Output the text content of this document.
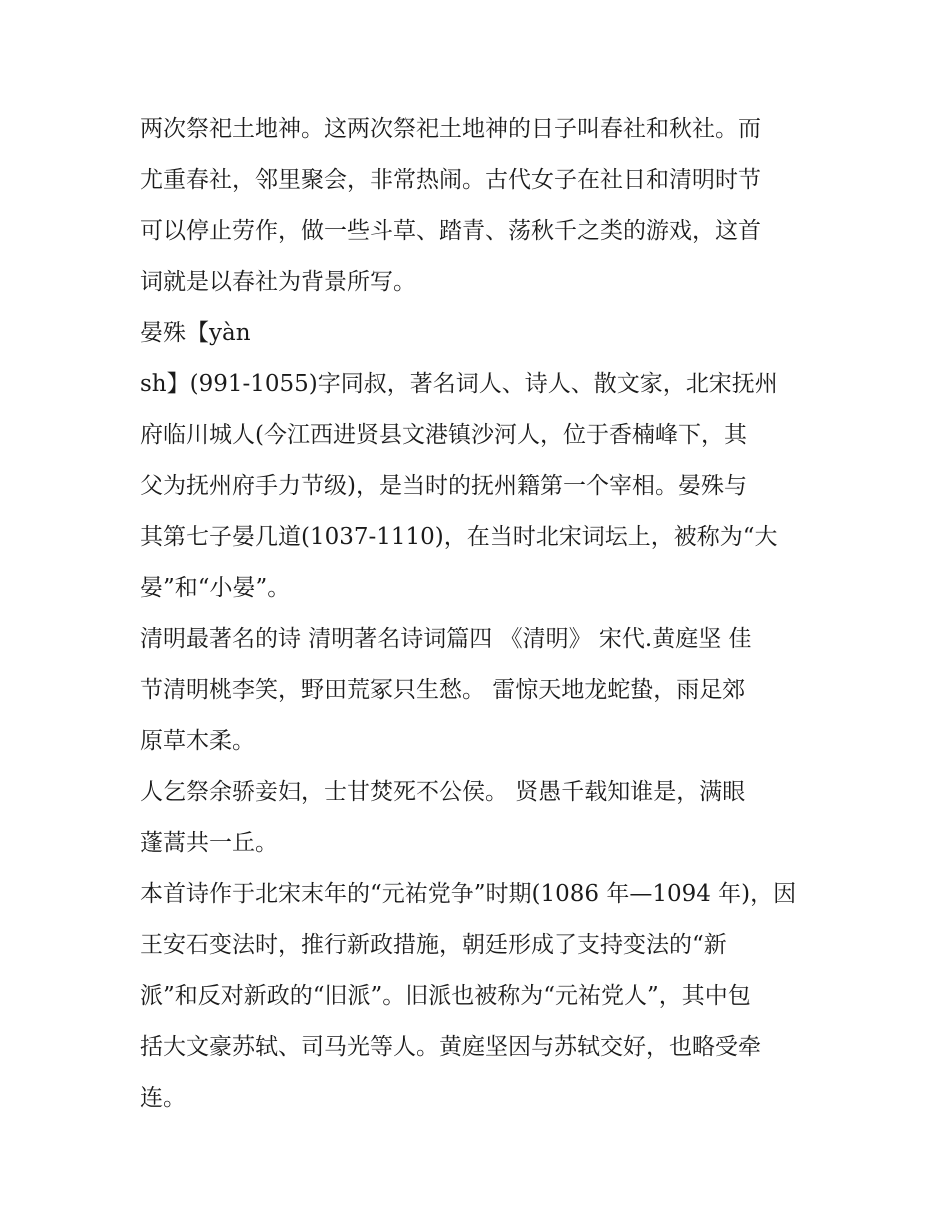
两次祭祀土地神。这两次祭祀土地神的日子叫春社和秋社。而
尤重春社，邻里聚会，非常热闹。古代女子在社日和清明时节
可以停止劳作，做一些斗草、踏青、荡秋千之类的游戏，这首
词就是以春社为背景所写。
晏殊【yàn
sh】(991-1055)字同叔，著名词人、诗人、散文家，北宋抚州
府临川城人(今江西进贤县文港镇沙河人，位于香楠峰下，其
父为抚州府手力节级)，是当时的抚州籍第一个宰相。晏殊与
其第七子晏几道(1037-1110)，在当时北宋词坛上，被称为“大
晏”和“小晏”。
清明最著名的诗 清明著名诗词篇四 《清明》 宋代.黄庭坚 佳
节清明桃李笑，野田荒冢只生愁。 雷惊天地龙蛇蛰，雨足郊
原草木柔。
人乞祭余骄妾妇，士甘焚死不公侯。 贤愚千载知谁是，满眼
蓬蒿共一丘。
本首诗作于北宋末年的“元祐党争”时期(1086 年—1094 年)，因
王安石变法时，推行新政措施，朝廷形成了支持变法的“新
派”和反对新政的“旧派”。旧派也被称为“元祐党人”，其中包
括大文豪苏轼、司马光等人。黄庭坚因与苏轼交好，也略受牵
连。
